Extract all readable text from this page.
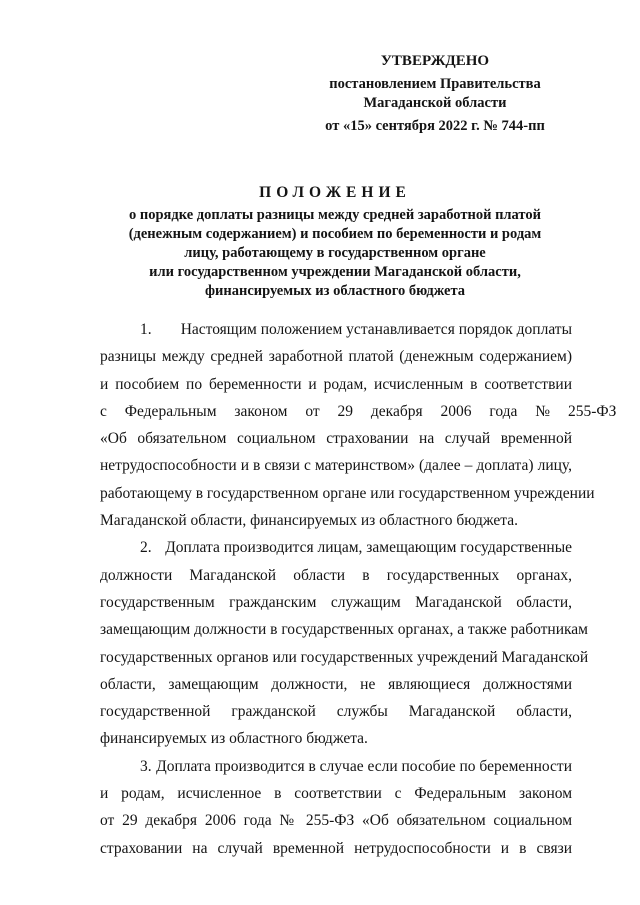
УТВЕРЖДЕНО
постановлением Правительства
Магаданской области
от «15» сентября 2022 г. № 744-пп
ПОЛОЖЕНИЕ
о порядке доплаты разницы между средней заработной платой
(денежным содержанием) и пособием по беременности и родам
лицу, работающему в государственном органе
или государственном учреждении Магаданской области,
финансируемых из областного бюджета
1.	Настоящим положением устанавливается порядок доплаты
разницы между средней заработной платой (денежным содержанием)
и пособием по беременности и родам, исчисленным в соответствии
с Федеральным законом от 29 декабря 2006 года № 255-ФЗ
«Об обязательном социальном страховании на случай временной
нетрудоспособности и в связи с материнством» (далее – доплата) лицу,
работающему в государственном органе или государственном учреждении
Магаданской области, финансируемых из областного бюджета.
2. Доплата производится лицам, замещающим государственные
должности Магаданской области в государственных органах,
государственным гражданским служащим Магаданской области,
замещающим должности в государственных органах, а также работникам
государственных органов или государственных учреждений Магаданской
области, замещающим должности, не являющиеся должностями
государственной гражданской службы Магаданской области,
финансируемых из областного бюджета.
3. Доплата производится в случае если пособие по беременности
и родам, исчисленное в соответствии с Федеральным законом
от 29 декабря 2006 года № 255-ФЗ «Об обязательном социальном
страховании на случай временной нетрудоспособности и в связи
